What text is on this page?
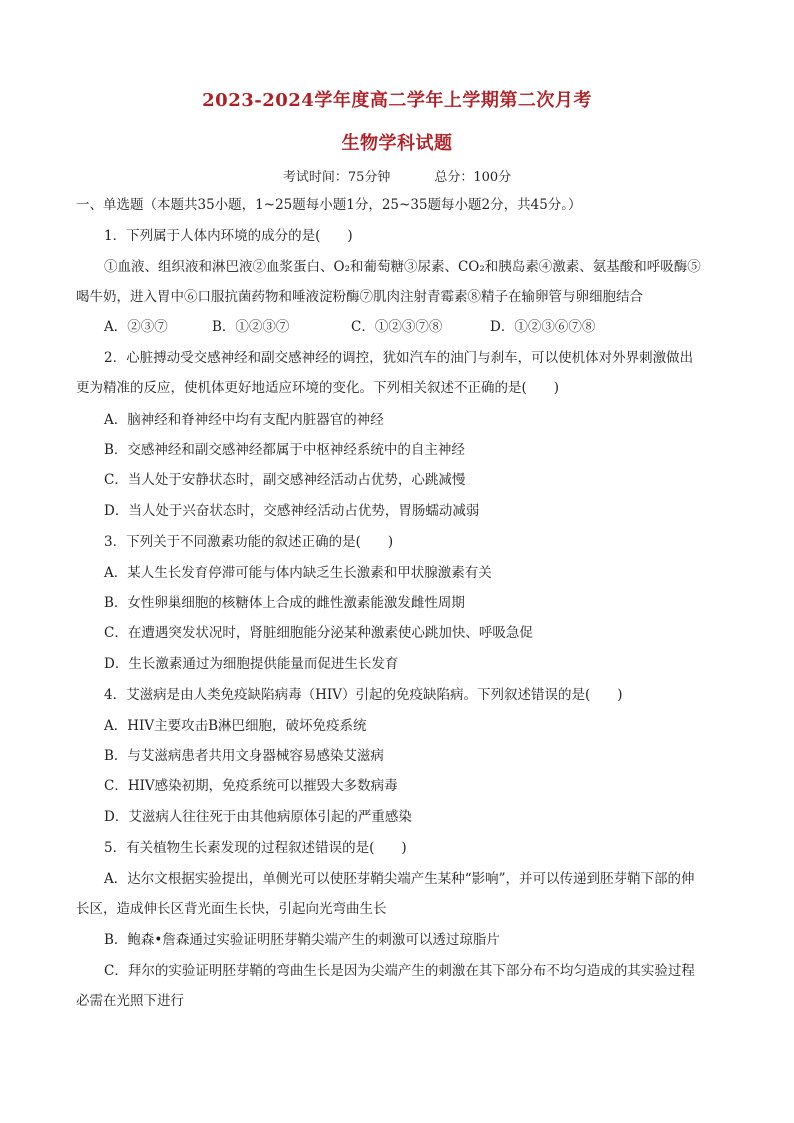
2023-2024学年度高二学年上学期第二次月考
生物学科试题
考试时间：75分钟	总分：100分
一、单选题（本题共35小题，1~25题每小题1分，25~35题每小题2分，共45分。）
1．下列属于人体内环境的成分的是(　　)
①血液、组织液和淋巴液②血浆蛋白、O₂和葡萄糖③尿素、CO₂和胰岛素④激素、氨基酸和呼吸酶⑤
喝牛奶，进入胃中⑥口服抗菌药物和唾液淀粉酶⑦肌肉注射青霉素⑧精子在输卵管与卵细胞结合
A．②③⑦	B．①②③⑦	C．①②③⑦⑧	D．①②③⑥⑦⑧
2．心脏搏动受交感神经和副交感神经的调控，犹如汽车的油门与刹车，可以使机体对外界刺激做出
更为精准的反应，使机体更好地适应环境的变化。下列相关叙述不正确的是(　　)
A．脑神经和脊神经中均有支配内脏器官的神经
B．交感神经和副交感神经都属于中枢神经系统中的自主神经
C．当人处于安静状态时，副交感神经活动占优势，心跳减慢
D．当人处于兴奋状态时，交感神经活动占优势，胃肠蠕动减弱
3．下列关于不同激素功能的叙述正确的是(　　)
A．某人生长发育停滞可能与体内缺乏生长激素和甲状腺激素有关
B．女性卵巢细胞的核糖体上合成的雌性激素能激发雌性周期
C．在遭遇突发状况时，肾脏细胞能分泌某种激素使心跳加快、呼吸急促
D．生长激素通过为细胞提供能量而促进生长发育
4．艾滋病是由人类免疫缺陷病毒（HIV）引起的免疫缺陷病。下列叙述错误的是(　　)
A．HIV主要攻击B淋巴细胞，破坏免疫系统
B．与艾滋病患者共用文身器械容易感染艾滋病
C．HIV感染初期，免疫系统可以摧毁大多数病毒
D．艾滋病人往往死于由其他病原体引起的严重感染
5．有关植物生长素发现的过程叙述错误的是(　　)
A．达尔文根据实验提出，单侧光可以使胚芽鞘尖端产生某种“影响”，并可以传递到胚芽鞘下部的伸
长区，造成伸长区背光面生长快，引起向光弯曲生长
B．鲍森•詹森通过实验证明胚芽鞘尖端产生的刺激可以透过琼脂片
C．拜尔的实验证明胚芽鞘的弯曲生长是因为尖端产生的刺激在其下部分布不均匀造成的其实验过程
必需在光照下进行
